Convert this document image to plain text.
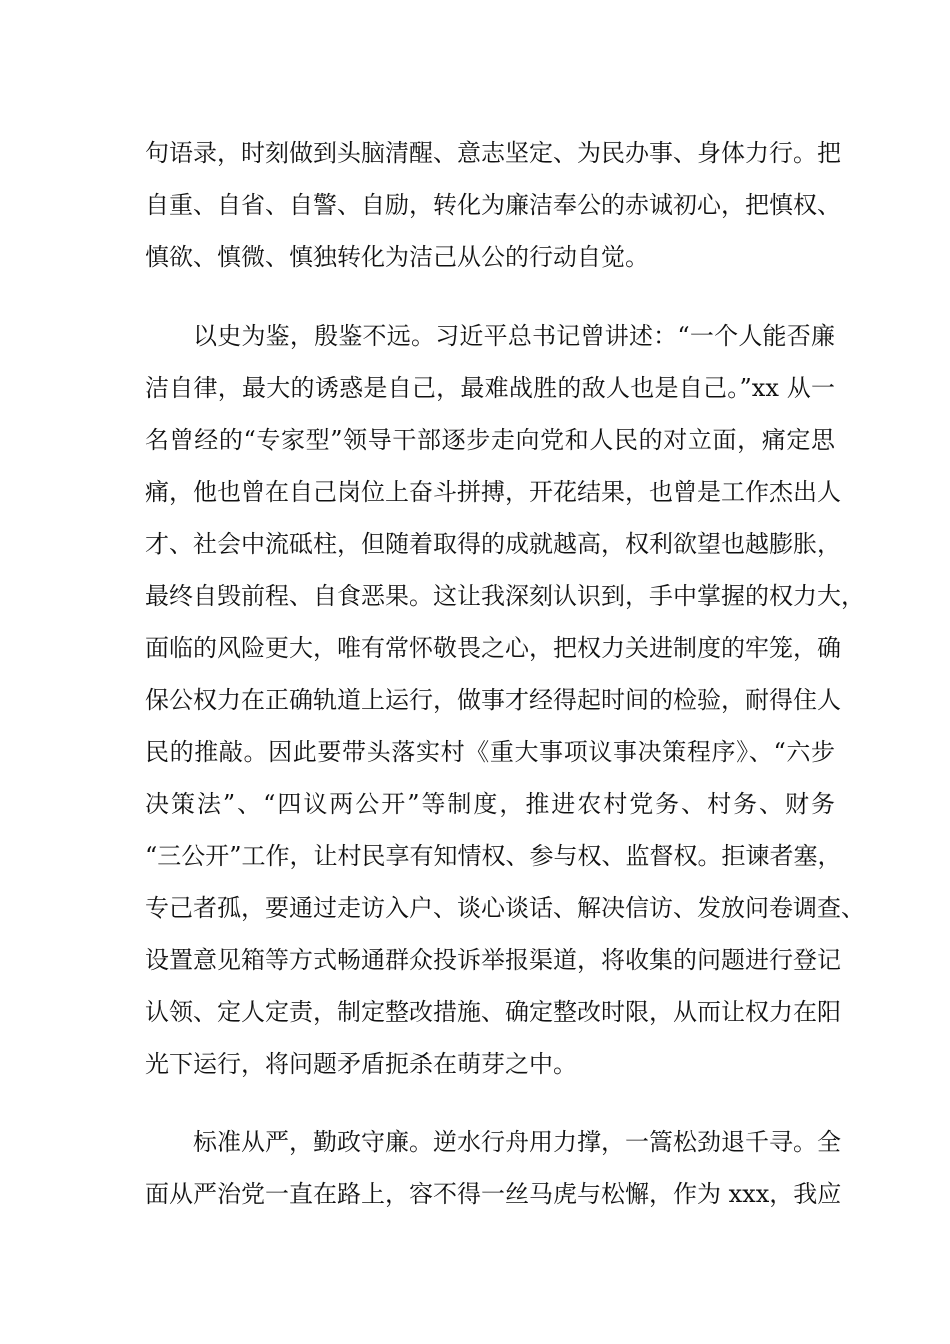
句语录，时刻做到头脑清醒、意志坚定、为民办事、身体力行。把
自重、自省、自警、自励，转化为廉洁奉公的赤诚初心，把慎权、
慎欲、慎微、慎独转化为洁己从公的行动自觉。
以史为鉴，殷鉴不远。习近平总书记曾讲述：“一个人能否廉
洁自律，最大的诱惑是自己，最难战胜的敌人也是自己。”xx 从一
名曾经的“专家型”领导干部逐步走向党和人民的对立面，痛定思
痛，他也曾在自己岗位上奋斗拼搏，开花结果，也曾是工作杰出人
才、社会中流砥柱，但随着取得的成就越高，权利欲望也越膨胀，
最终自毁前程、自食恶果。这让我深刻认识到，手中掌握的权力大，
面临的风险更大，唯有常怀敬畏之心，把权力关进制度的牢笼，确
保公权力在正确轨道上运行，做事才经得起时间的检验，耐得住人
民的推敲。因此要带头落实村《重大事项议事决策程序》、“六步
决策法”、“四议两公开”等制度，推进农村党务、村务、财务
“三公开”工作，让村民享有知情权、参与权、监督权。拒谏者塞，
专己者孤，要通过走访入户、谈心谈话、解决信访、发放问卷调查、
设置意见箱等方式畅通群众投诉举报渠道，将收集的问题进行登记
认领、定人定责，制定整改措施、确定整改时限，从而让权力在阳
光下运行，将问题矛盾扼杀在萌芽之中。
标准从严，勤政守廉。逆水行舟用力撑，一篙松劲退千寻。全
面从严治党一直在路上，容不得一丝马虎与松懈，作为 xxx，我应
